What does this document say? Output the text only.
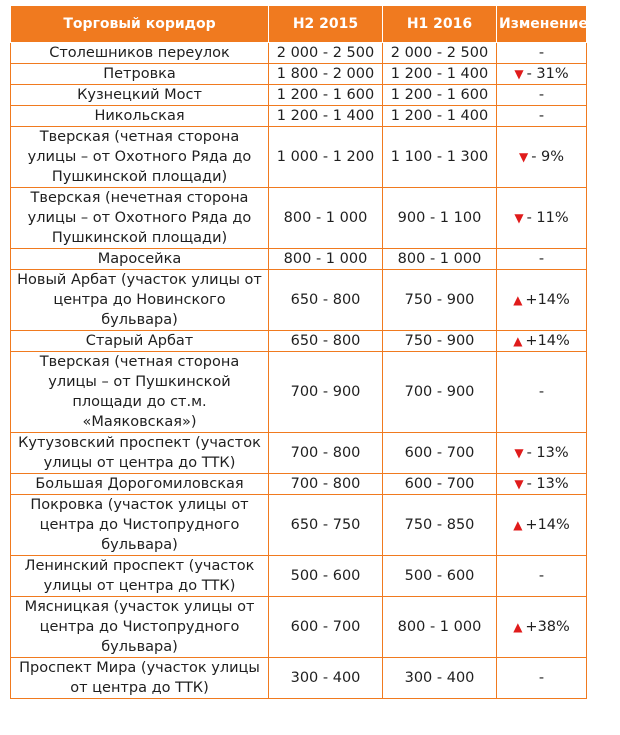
Торговый коридор	H2 2015	H1 2016	Изменение
Столешников переулок	2 000 - 2 500	2 000 - 2 500	-
Петровка	1 800 - 2 000	1 200 - 1 400	▼ - 31%
Кузнецкий Мост	1 200 - 1 600	1 200 - 1 600	-
Никольская	1 200 - 1 400	1 200 - 1 400	-
Тверская (четная сторона улицы – от Охотного Ряда до Пушкинской площади)	1 000 - 1 200	1 100 - 1 300	▼ - 9%
Тверская (нечетная сторона улицы – от Охотного Ряда до Пушкинской площади)	800 - 1 000	900 - 1 100	▼ - 11%
Маросейка	800 - 1 000	800 - 1 000	-
Новый Арбат (участок улицы от центра до Новинского бульвара)	650 - 800	750 - 900	▲ +14%
Старый Арбат	650 - 800	750 - 900	▲ +14%
Тверская (четная сторона улицы – от Пушкинской площади до ст.м. «Маяковская»)	700 - 900	700 - 900	-
Кутузовский проспект (участок улицы от центра до ТТК)	700 - 800	600 - 700	▼ - 13%
Большая Дорогомиловская	700 - 800	600 - 700	▼ - 13%
Покровка (участок улицы от центра до Чистопрудного бульвара)	650 - 750	750 - 850	▲ +14%
Ленинский проспект (участок улицы от центра до ТТК)	500 - 600	500 - 600	-
Мясницкая (участок улицы от центра до Чистопрудного бульвара)	600 - 700	800 - 1 000	▲ +38%
Проспект Мира (участок улицы от центра до ТТК)	300 - 400	300 - 400	-
